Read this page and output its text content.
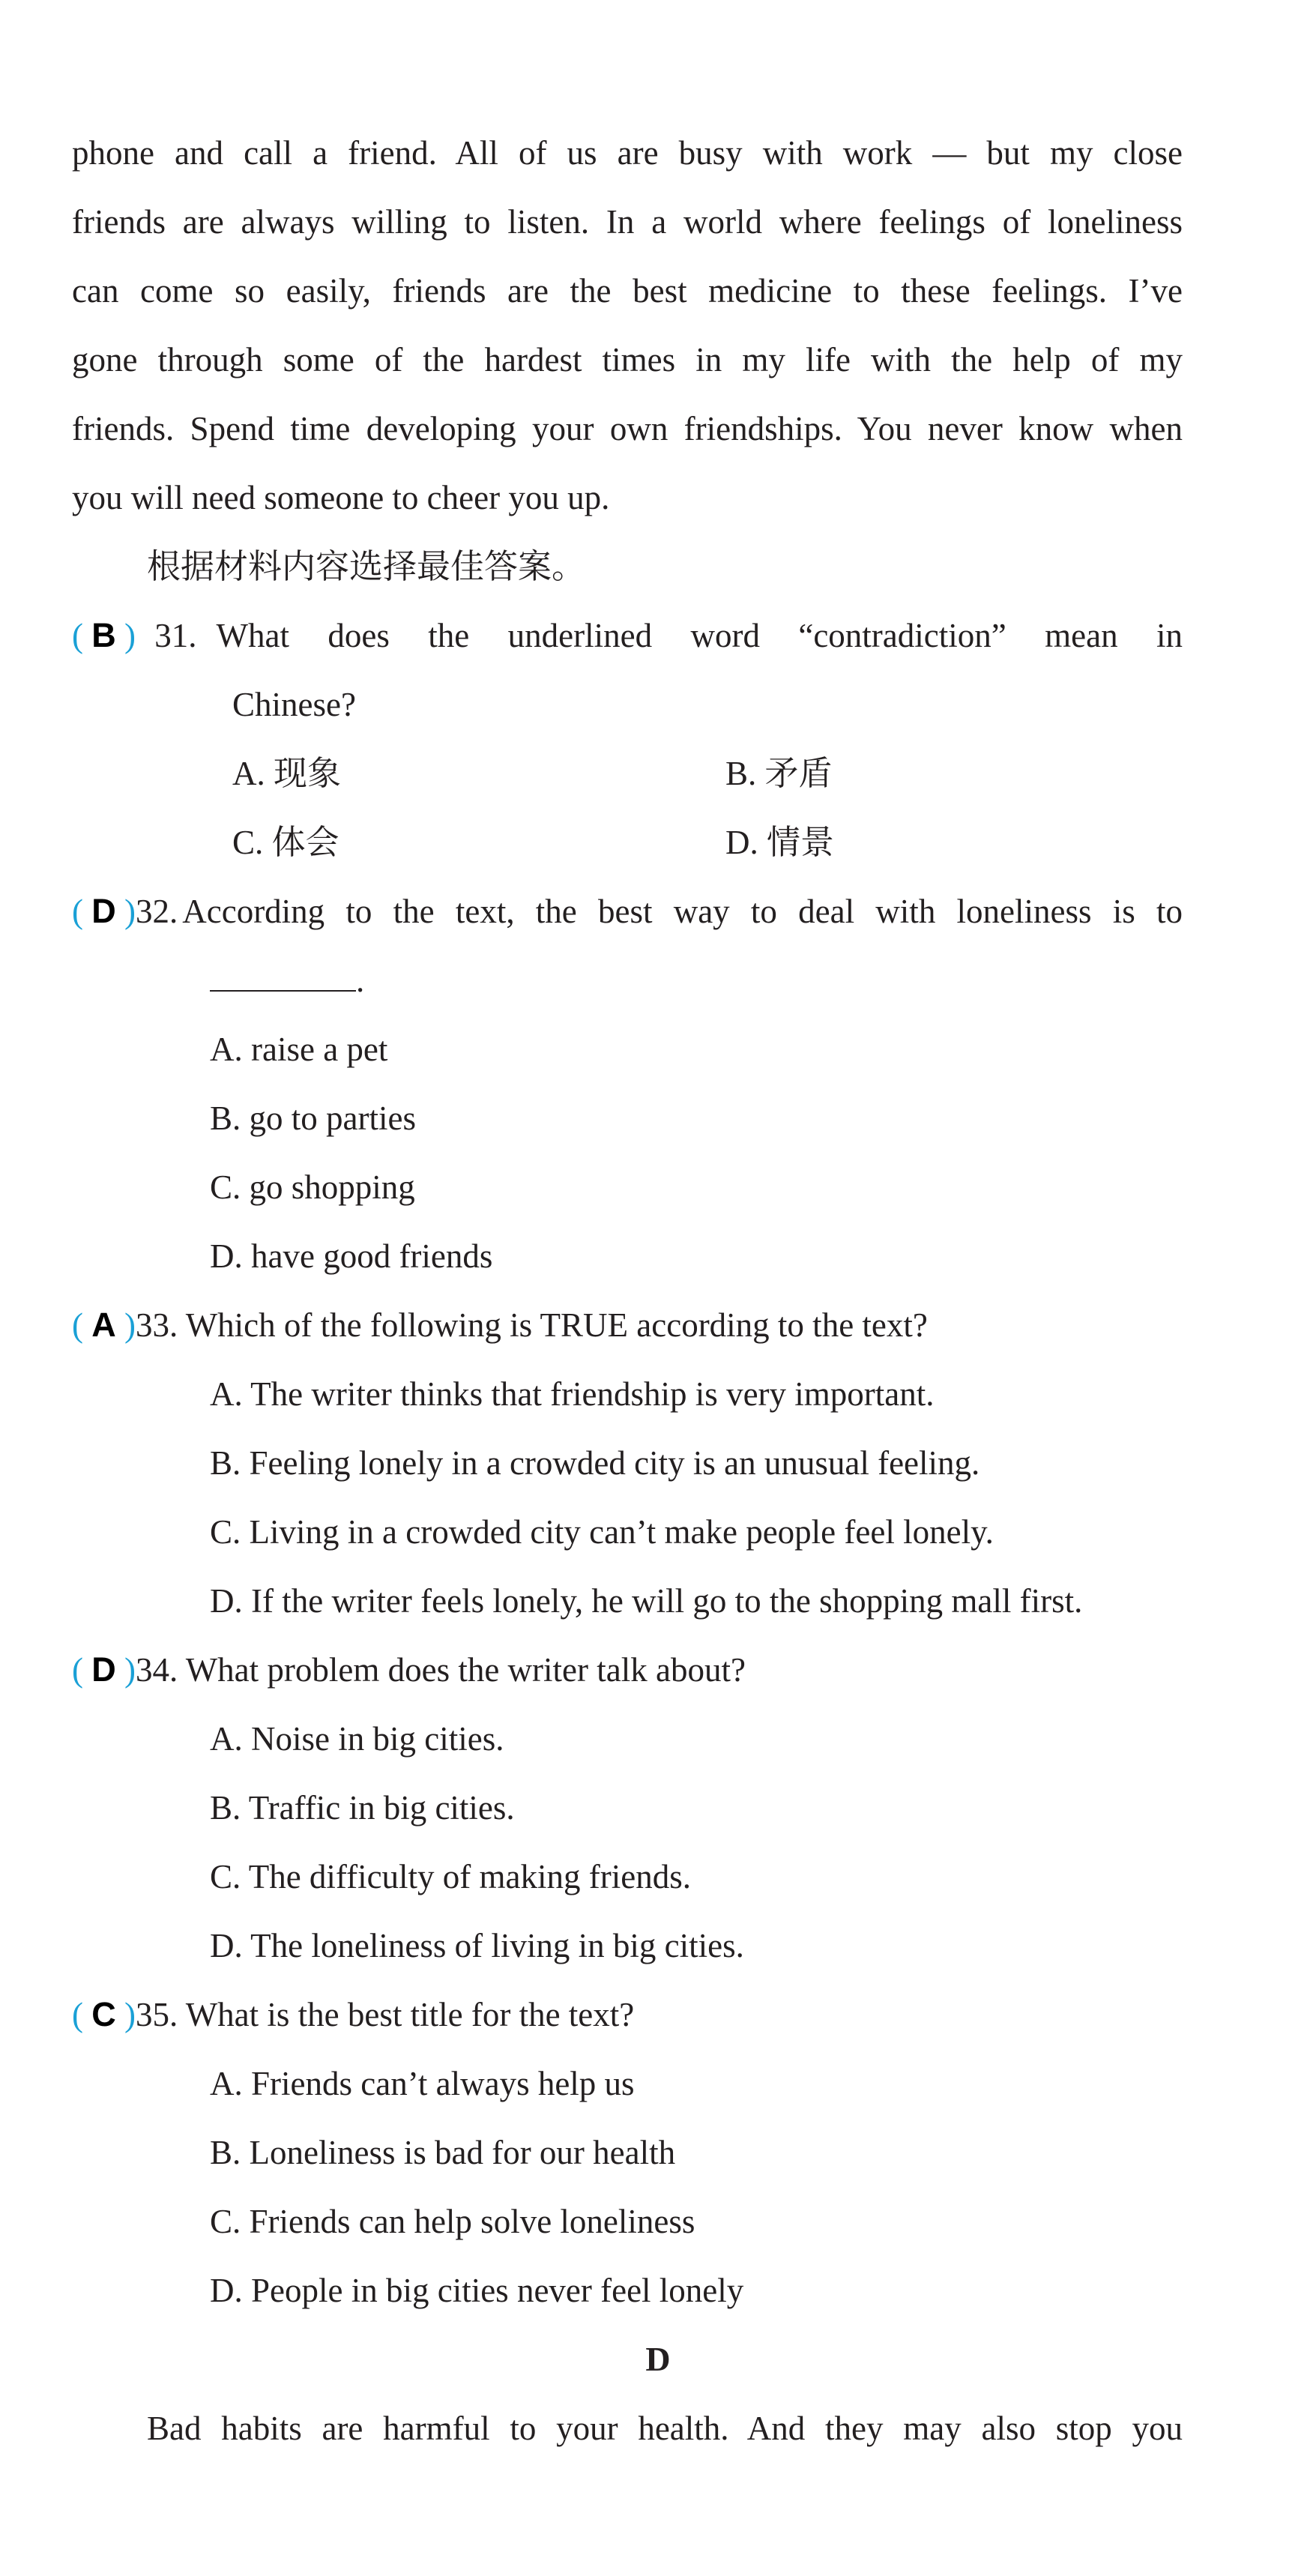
phone and call a friend. All of us are busy with work — but my close
friends are always willing to listen. In a world where feelings of loneliness
can come so easily, friends are the best medicine to these feelings. I’ve
gone through some of the hardest times in my life with the help of my
friends. Spend time developing your own friendships. You never know when
you will need someone to cheer you up.
根据材料内容选择最佳答案。
( B ) 31. What does the underlined word “contradiction” mean in
Chinese?
A. 现象	B. 矛盾
C. 体会	D. 情景
( D )32. According to the text, the best way to deal with loneliness is to
.
A. raise a pet
B. go to parties
C. go shopping
D. have good friends
( A )33. Which of the following is TRUE according to the text?
A. The writer thinks that friendship is very important.
B. Feeling lonely in a crowded city is an unusual feeling.
C. Living in a crowded city can’t make people feel lonely.
D. If the writer feels lonely, he will go to the shopping mall first.
( D )34. What problem does the writer talk about?
A. Noise in big cities.
B. Traffic in big cities.
C. The difficulty of making friends.
D. The loneliness of living in big cities.
( C )35. What is the best title for the text?
A. Friends can’t always help us
B. Loneliness is bad for our health
C. Friends can help solve loneliness
D. People in big cities never feel lonely
D
Bad habits are harmful to your health. And they may also stop you
